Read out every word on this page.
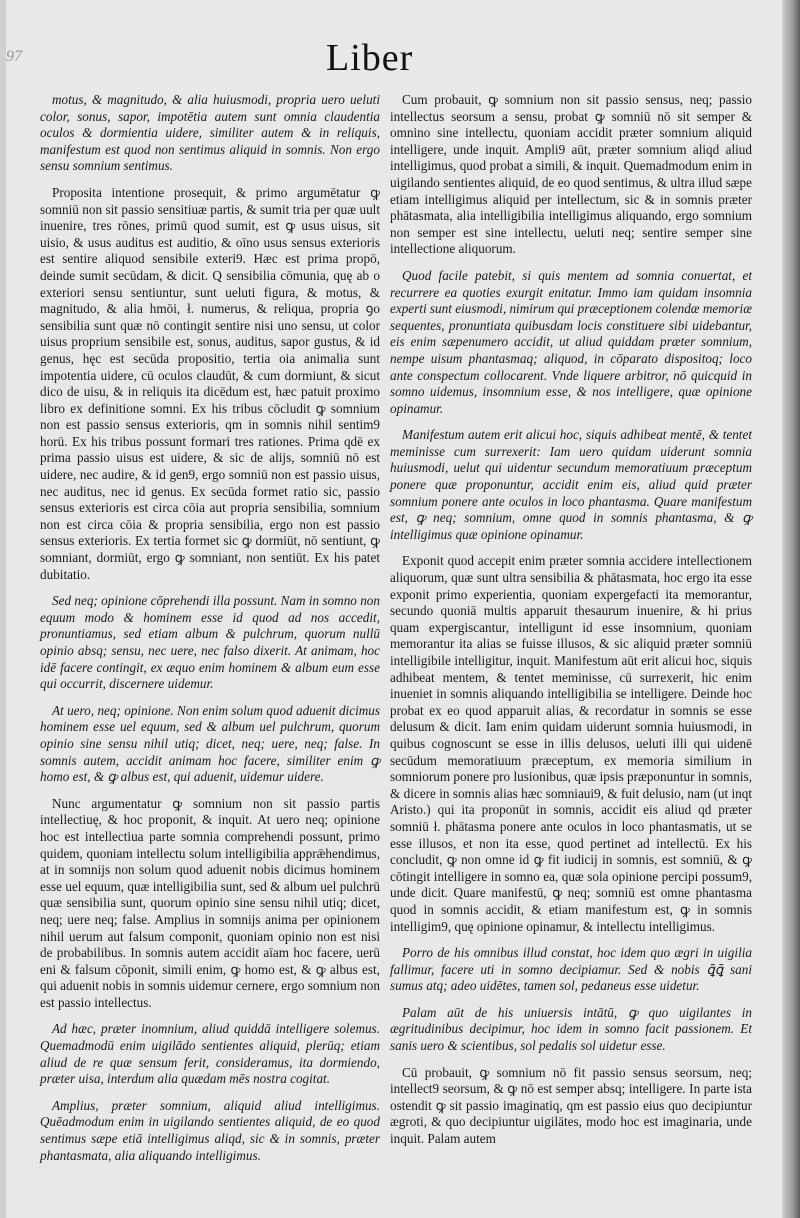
97	Liber

motus, & magnitudo, & alia huiusmodi, propria uero ueluti color, sonus, sapor, impotētia autem sunt omnia claudentia oculos & dormientia uidere, similiter autem & in reliquis, manifestum est quod non sentimus aliquid in somnis. Non ergo sensu somnium sentimus.

Proposita intentione prosequit, & primo argumētatur ꝙ somniū non sit passio sensitiuæ partis, & sumit tria per quæ uult inuenire, tres rōnes, primū quod sumit, est ꝙ usus uisus, sit uisio, & usus auditus est auditio, & oīno usus sensus exterioris est sentire aliquod sensibile exteri9. Hæc est prima propō, deinde sumit secūdam, & dicit. Q sensibilia cōmunia, quę ab o exteriori sensu sentiuntur, sunt ueluti figura, & motus, & magnitudo, & alia hmōi, ł. numerus, & reliqua, propria ꝯo sensibilia sunt quæ nō contingit sentire nisi uno sensu, ut color uisus proprium sensibile est, sonus, auditus, sapor gustus, & id genus, hęc est secūda propositio, tertia oia animalia sunt impotentia uidere, cū oculos claudūt, & cum dormiunt, & sicut dico de uisu, & in reliquis ita dicēdum est, hæc patuit proximo libro ex definitione somni. Ex his tribus cōcludit ꝙ somnium non est passio sensus exterioris, qm in somnis nihil sentim9 horū. Ex his tribus possunt formari tres rationes. Prima qdē ex prima passio uisus est uidere, & sic de alijs, somniū nō est uidere, nec audire, & id gen9, ergo somniū non est passio uisus, nec auditus, nec id genus. Ex secūda formet ratio sic, passio sensus exterioris est circa cōia aut propria sensibilia, somnium non est circa cōia & propria sensibilia, ergo non est passio sensus exterioris. Ex tertia formet sic ꝙ dormiūt, nō sentiunt, ꝙ somniant, dormiūt, ergo ꝙ somniant, non sentiūt. Ex his patet dubitatio.

Sed neq; opinione cōprehendi illa possunt. Nam in somno non equum modo & hominem esse id quod ad nos accedit, pronuntiamus, sed etiam album & pulchrum, quorum nullū opinio absq; sensu, nec uere, nec falso dixerit. At animam, hoc idē facere contingit, ex æquo enim hominem & album eum esse qui occurrit, discernere uidemur.

At uero, neq; opinione. Non enim solum quod aduenit dicimus hominem esse uel equum, sed & album uel pulchrum, quorum opinio sine sensu nihil utiq; dicet, neq; uere, neq; false. In somnis autem, accidit animam hoc facere, similiter enim ꝙ homo est, & ꝙ albus est, qui aduenit, uidemur uidere.

Nunc argumentatur ꝙ somnium non sit passio partis intellectiuę, & hoc proponit, & inquit. At uero neq; opinione hoc est intellectiua parte somnia comprehendi possunt, primo quidem, quoniam intellectu solum intelligibilia apprǣhendimus, at in somnijs non solum quod aduenit nobis dicimus hominem esse uel equum, quæ intelligibilia sunt, sed & album uel pulchrū quæ sensibilia sunt, quorum opinio sine sensu nihil utiq; dicet, neq; uere neq; false. Amplius in somnijs anima per opinionem nihil uerum aut falsum componit, quoniam opinio non est nisi de probabilibus. In somnis autem accidit aīam hoc facere, uerū eni & falsum cōponit, simili enim, ꝙ homo est, & ꝙ albus est, qui aduenit nobis in somnis uidemur cernere, ergo somnium non est passio intellectus.

Ad hæc, præter inomnium, aliud quiddā intelligere solemus. Quemadmodū enim uigilādo sentientes aliquid, plerūq; etiam aliud de re quæ sensum ferit, consideramus, ita dormiendo, præter uisa, interdum alia quædam mēs nostra cogitat.

Amplius, præter somnium, aliquid aliud intelligimus. Quēadmodum enim in uigilando sentientes aliquid, de eo quod sentimus sæpe etiā intelligimus aliqd, sic & in somnis, præter phantasmata, alia aliquando intelligimus.

Cum probauit, ꝙ somnium non sit passio sensus, neq; passio intellectus seorsum a sensu, probat ꝙ somniū nō sit semper & omnino sine intellectu, quoniam accidit præter somnium aliquid intelligere, unde inquit. Ampli9 aūt, præter somnium aliqd aliud intelligimus, quod probat a simili, & inquit. Quemadmodum enim in uigilando sentientes aliquid, de eo quod sentimus, & ultra illud sæpe etiam intelligimus aliquid per intellectum, sic & in somnis præter phātasmata, alia intelligibilia intelligimus aliquando, ergo somnium non semper est sine intellectu, ueluti neq; sentire semper sine intellectione aliquorum.

Quod facile patebit, si quis mentem ad somnia conuertat, et recurrere ea quoties exurgit enitatur. Immo iam quidam insomnia experti sunt eiusmodi, nimirum qui præceptionem colendæ memoriæ sequentes, pronuntiata quibusdam locis constituere sibi uidebantur, eis enim sæpenumero accidit, ut aliud quiddam præter somnium, nempe uisum phantasmaq; aliquod, in cōparato dispositoq; loco ante conspectum collocarent. Vnde liquere arbitror, nō quicquid in somno uidemus, insomnium esse, & nos intelligere, quæ opinione opinamur.

Manifestum autem erit alicui hoc, siquis adhibeat mentē, & tentet meminisse cum surrexerit: Iam uero quidam uiderunt somnia huiusmodi, uelut qui uidentur secundum memoratiuum præceptum ponere quæ proponuntur, accidit enim eis, aliud quid præter somnium ponere ante oculos in loco phantasma. Quare manifestum est, ꝙ neq; somnium, omne quod in somnis phantasma, & ꝙ intelligimus quæ opinione opinamur.

Exponit quod accepit enim præter somnia accidere intellectionem aliquorum, quæ sunt ultra sensibilia & phātasmata, hoc ergo ita esse exponit primo experientia, quoniam expergefacti ita memorantur, secundo quoniā multis apparuit thesaurum inuenire, & hi prius quam expergiscantur, intelligunt id esse insomnium, quoniam memorantur ita alias se fuisse illusos, & sic aliquid præter somniū intelligibile intelligitur, inquit. Manifestum aūt erit alicui hoc, siquis adhibeat mentem, & tentet meminisse, cū surrexerit, hic enim inueniet in somnis aliquando intelligibilia se intelligere. Deinde hoc probat ex eo quod apparuit alias, & recordatur in somnis se esse delusum & dicit. Iam enim quidam uiderunt somnia huiusmodi, in quibus cognoscunt se esse in illis delusos, ueluti illi qui uidenē secūdum memoratiuum præceptum, ex memoria similium in somniorum ponere pro lusionibus, quæ ipsis præponuntur in somnis, & dicere in somnis alias hæc somniaui9, & fuit delusio, nam (ut inqt Aristo.) qui ita proponūt in somnis, accidit eis aliud qd præter somniū ł. phātasma ponere ante oculos in loco phantasmatis, ut se esse illusos, et non ita esse, quod pertinet ad intellectū. Ex his concludit, ꝙ non omne id ꝙ fit iudicij in somnis, est somniū, & ꝙ cōtingit intelligere in somno ea, quæ sola opinione percipi possum9, unde dicit. Quare manifestū, ꝙ neq; somniū est omne phantasma quod in somnis accidit, & etiam manifestum est, ꝙ in somnis intelligim9, quę opinione opinamur, & intellectu intelligimus.

Porro de his omnibus illud constat, hoc idem quo ægri in uigilia fallimur, facere uti in somno decipiamur. Sed & nobis ꝗ̄ꝗ̄ sani sumus atq; adeo uidētes, tamen sol, pedaneus esse uidetur.

Palam aūt de his uniuersis intātū, ꝙ quo uigilantes in ægritudinibus decipimur, hoc idem in somno facit passionem. Et sanis uero & scientibus, sol pedalis sol uidetur esse.

Cū probauit, ꝙ somnium nō fit passio sensus seorsum, neq; intellect9 seorsum, & ꝙ nō est semper absq; intelligere. In parte ista ostendit ꝙ sit passio imaginatiq, qm est passio eius quo decipiuntur ægroti, & quo decipiuntur uigilātes, modo hoc est imaginaria, unde inquit. Palam autem
